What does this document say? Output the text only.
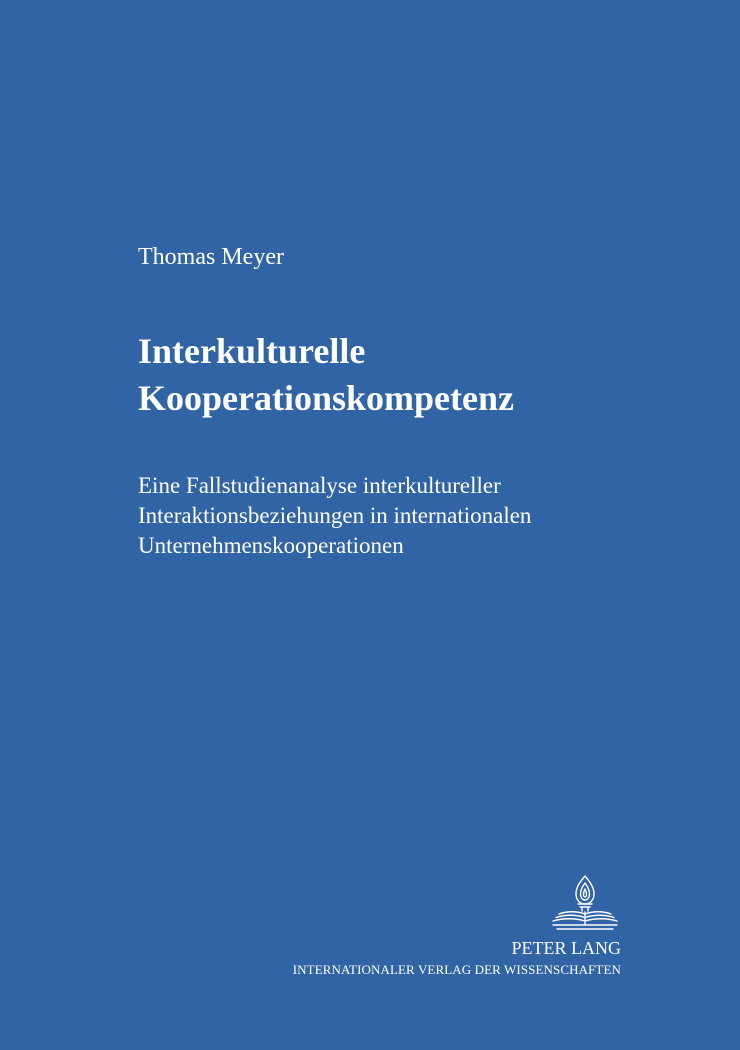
Thomas Meyer
Interkulturelle
Kooperationskompetenz
Eine Fallstudienanalyse interkultureller
Interaktionsbeziehungen in internationalen
Unternehmenskooperationen
PETER LANG
INTERNATIONALER VERLAG DER WISSENSCHAFTEN
